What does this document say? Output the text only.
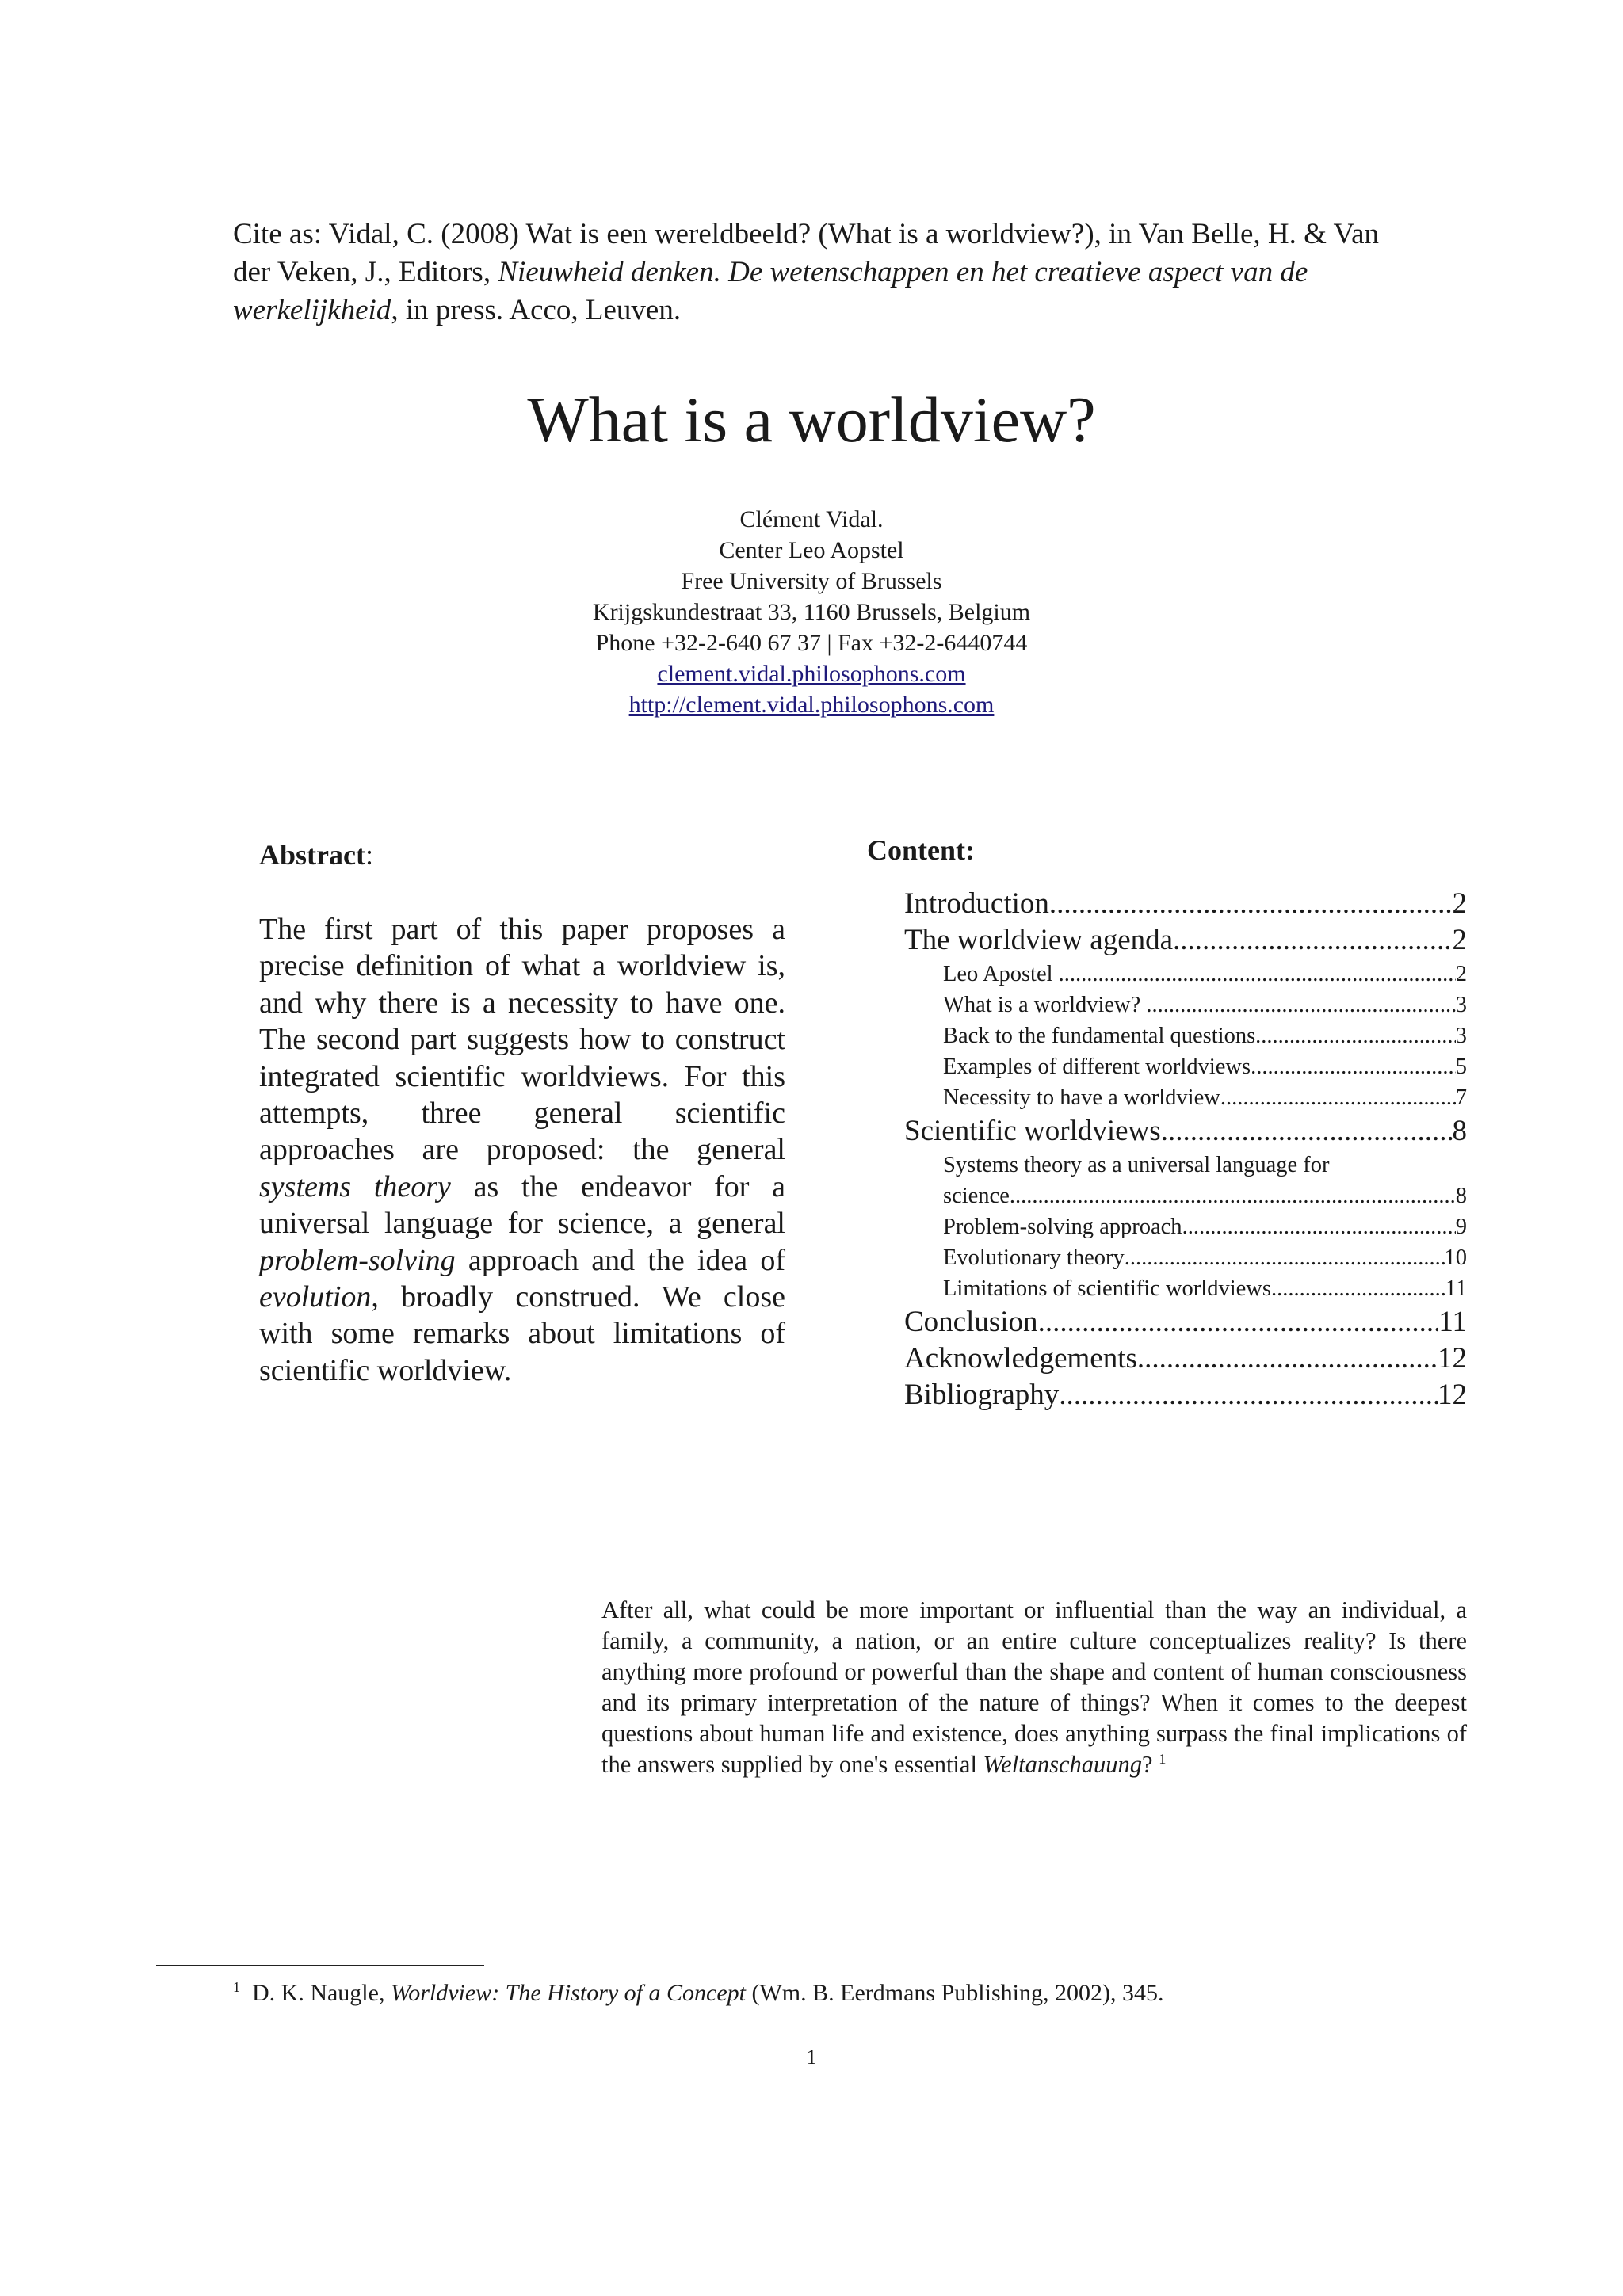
Cite as: Vidal, C. (2008) Wat is een wereldbeeld? (What is a worldview?), in Van Belle, H. & Van der Veken, J., Editors, Nieuwheid denken. De wetenschappen en het creatieve aspect van de werkelijkheid, in press. Acco, Leuven.
What is a worldview?
Clément Vidal.
Center Leo Aopstel
Free University of Brussels
Krijgskundestraat 33, 1160 Brussels, Belgium
Phone +32-2-640 67 37 | Fax +32-2-6440744
clement.vidal.philosophons.com
http://clement.vidal.philosophons.com
Abstract:
The first part of this paper proposes a precise definition of what a worldview is, and why there is a necessity to have one. The second part suggests how to construct integrated scientific worldviews. For this attempts, three general scientific approaches are proposed: the general systems theory as the endeavor for a universal language for science, a general problem-solving approach and the idea of evolution, broadly construed. We close with some remarks about limitations of scientific worldview.
Content:
Introduction .....	2
The worldview agenda .....	2
Leo Apostel .....	2
What is a worldview? .....	3
Back to the fundamental questions .....	3
Examples of different worldviews .....	5
Necessity to have a worldview .....	7
Scientific worldviews .....	8
Systems theory as a universal language for
science .....	8
Problem-solving approach .....	9
Evolutionary theory .....	10
Limitations of scientific worldviews .....	11
Conclusion .....	11
Acknowledgements .....	12
Bibliography .....	12
After all, what could be more important or influential than the way an individual, a family, a community, a nation, or an entire culture conceptualizes reality? Is there anything more profound or powerful than the shape and content of human consciousness and its primary interpretation of the nature of things? When it comes to the deepest questions about human life and existence, does anything surpass the final implications of the answers supplied by one's essential Weltanschauung? $^1$
$^1$ D. K. Naugle, Worldview: The History of a Concept (Wm. B. Eerdmans Publishing, 2002), 345.
1
